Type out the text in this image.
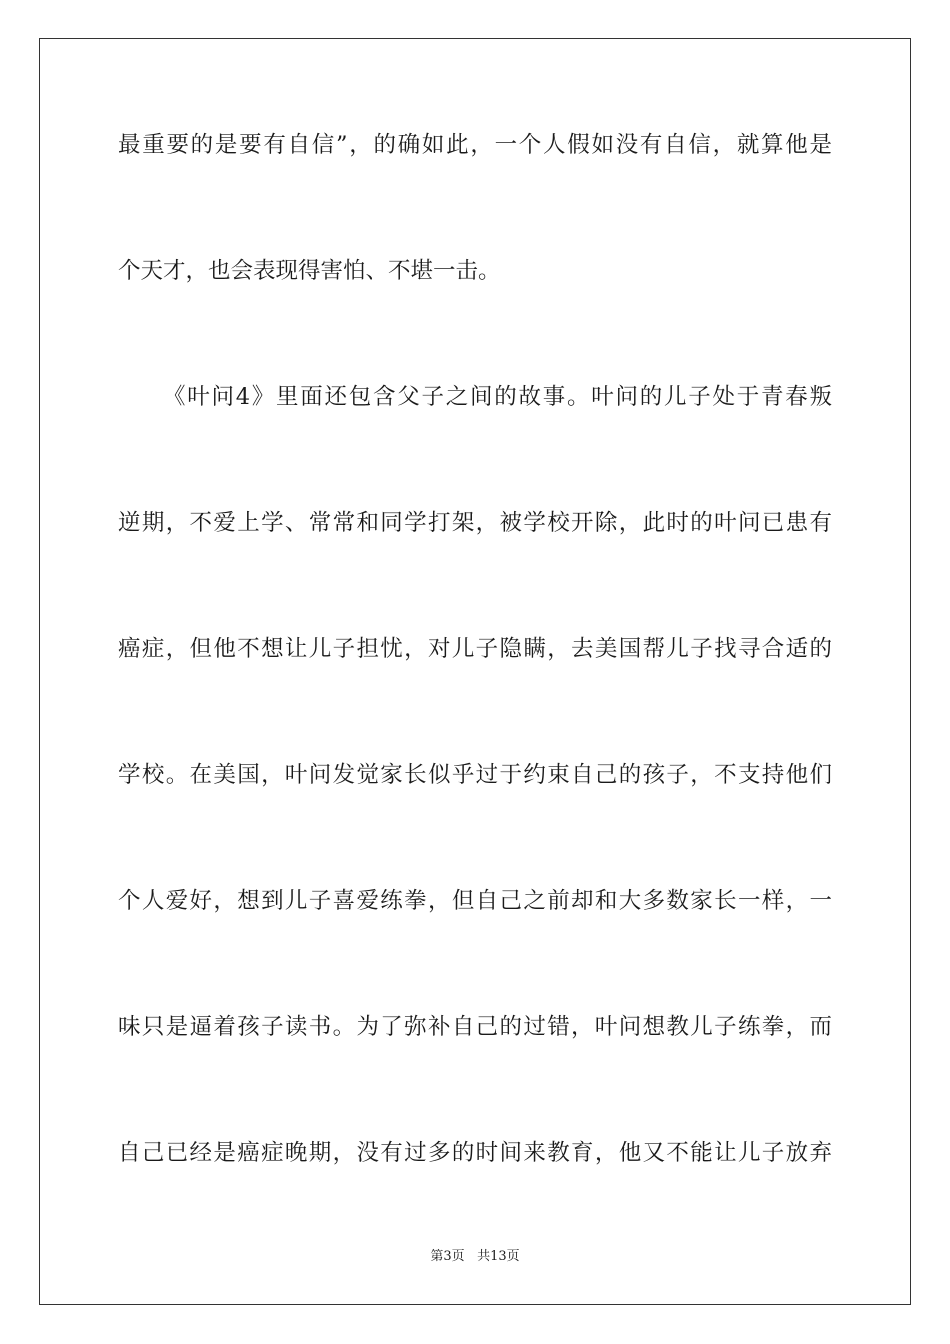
最重要的是要有自信”，的确如此，一个人假如没有自信，就算他是
个天才，也会表现得害怕、不堪一击。
《叶问4》里面还包含父子之间的故事。叶问的儿子处于青春叛
逆期，不爱上学、常常和同学打架，被学校开除，此时的叶问已患有
癌症，但他不想让儿子担忧，对儿子隐瞒，去美国帮儿子找寻合适的
学校。在美国，叶问发觉家长似乎过于约束自己的孩子，不支持他们
个人爱好，想到儿子喜爱练拳，但自己之前却和大多数家长一样，一
味只是逼着孩子读书。为了弥补自己的过错，叶问想教儿子练拳，而
自己已经是癌症晚期，没有过多的时间来教育，他又不能让儿子放弃
第3页 共13页
